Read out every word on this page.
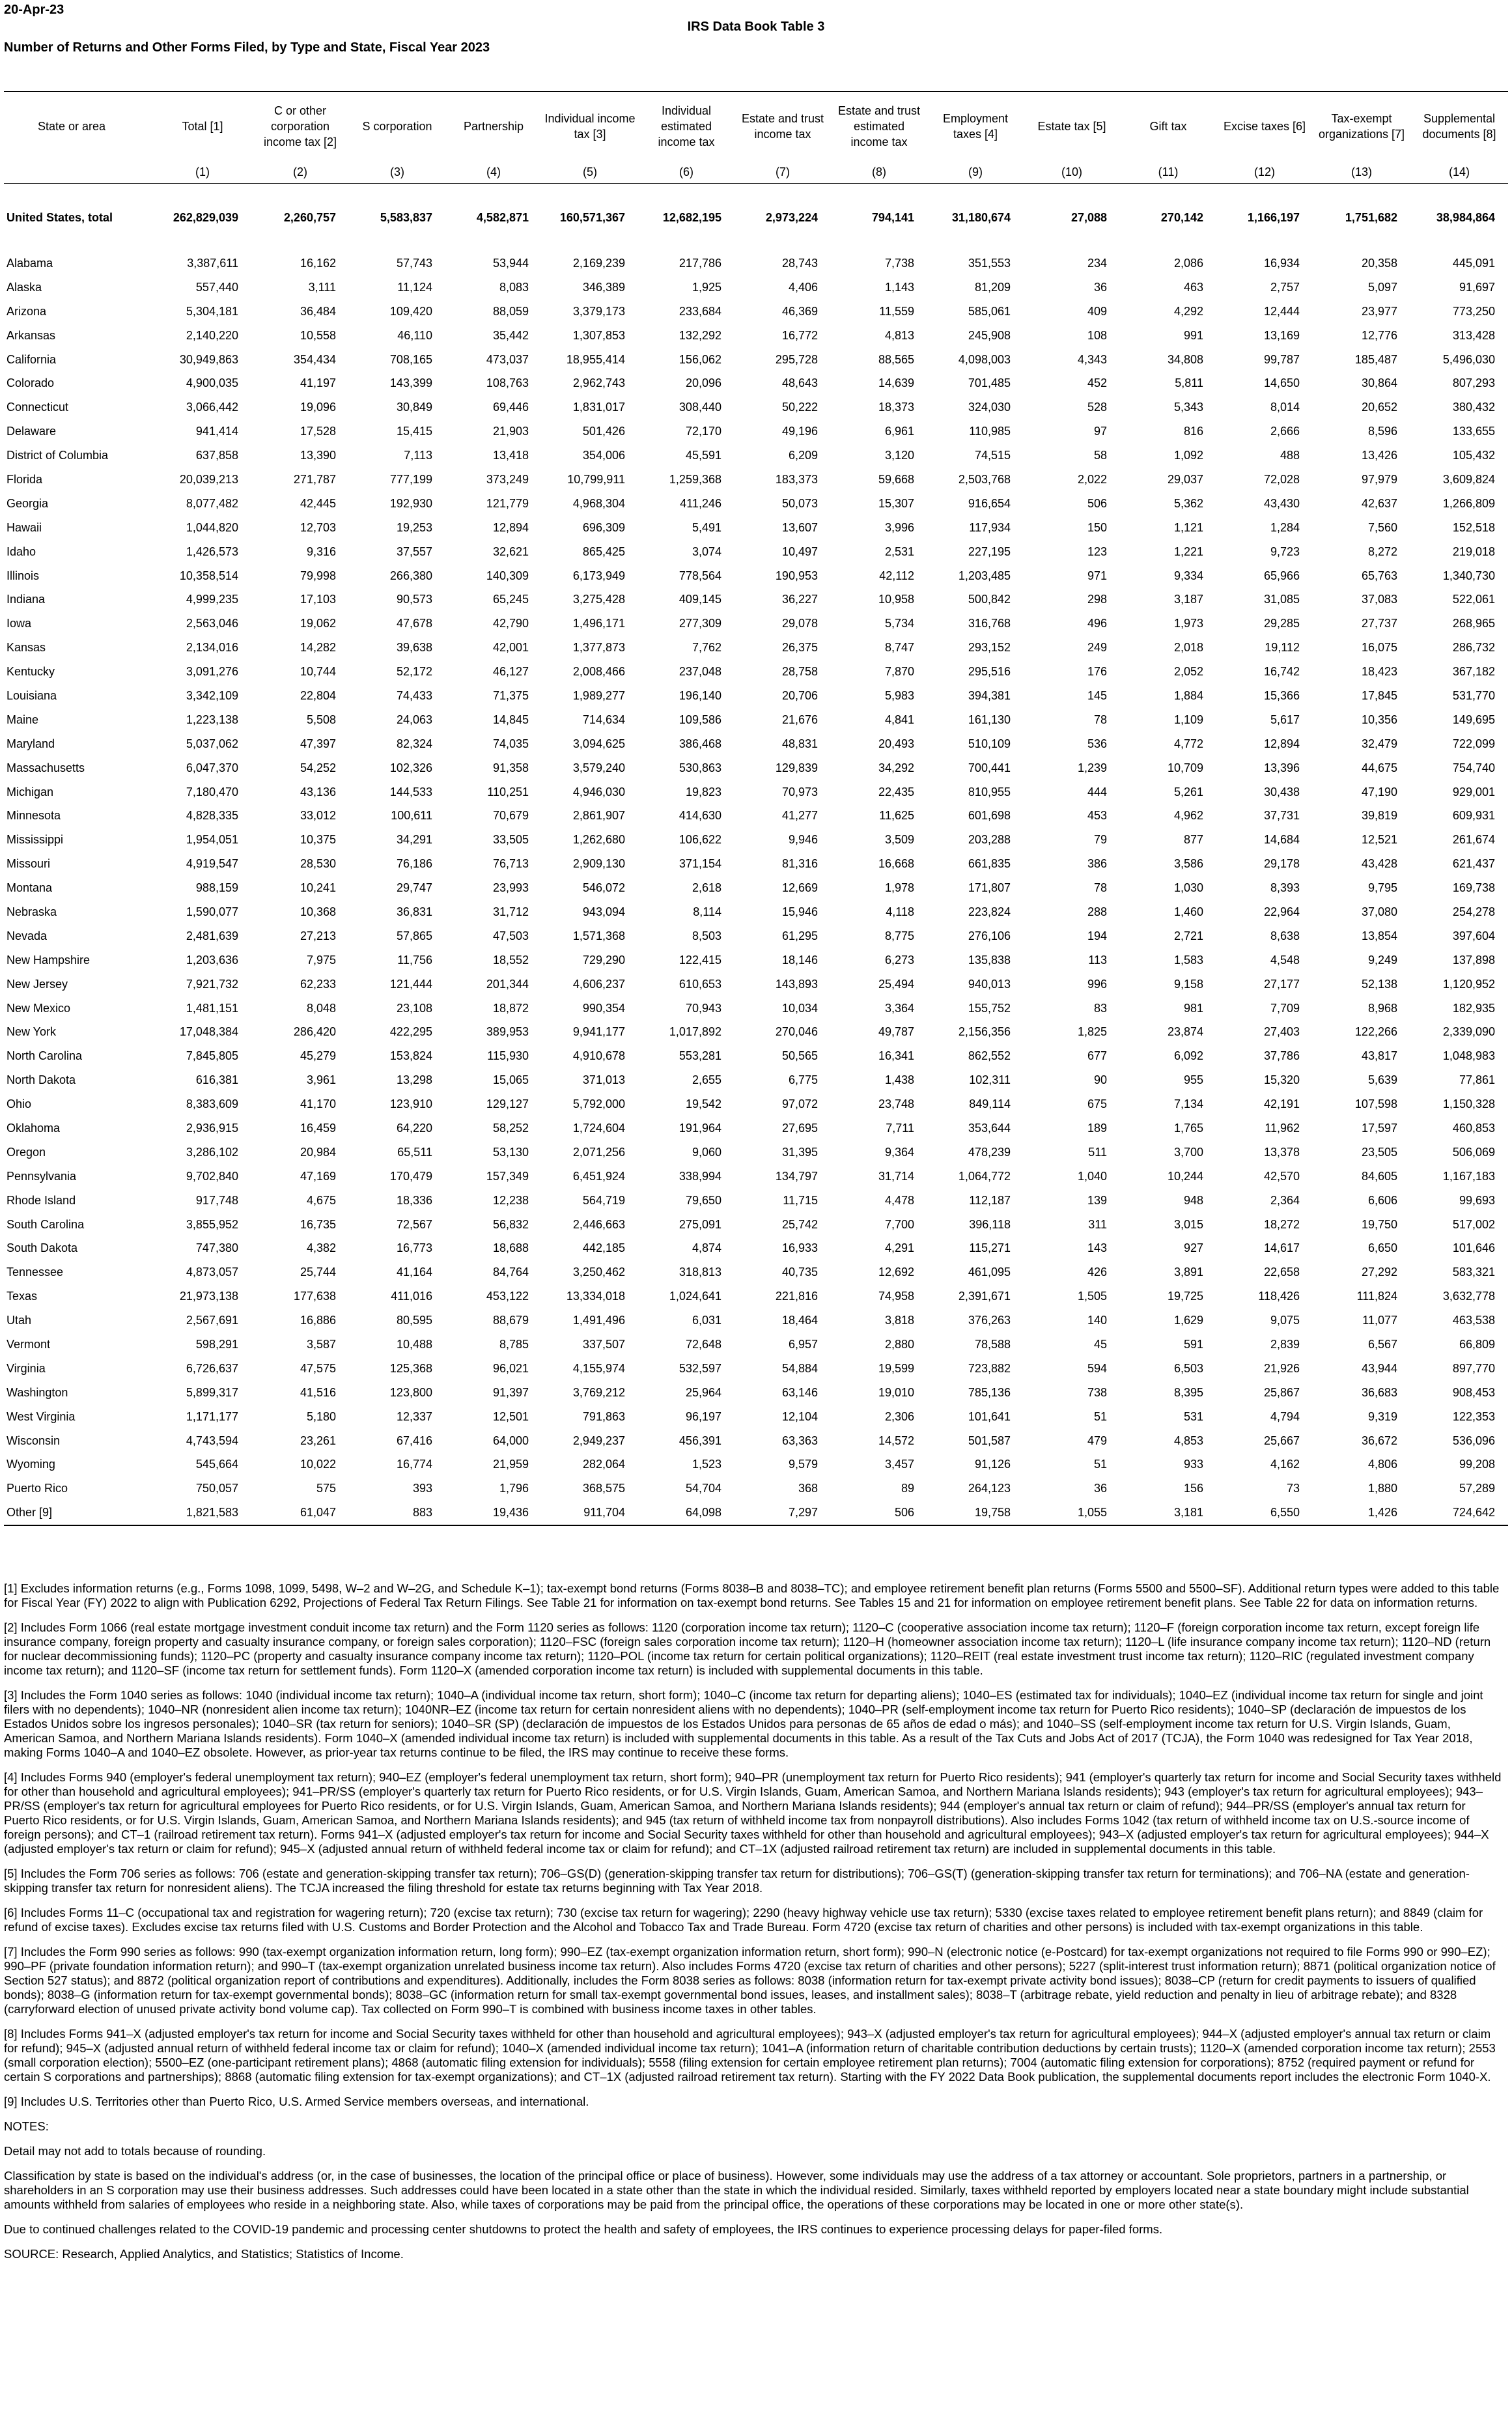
20-Apr-23
IRS Data Book Table 3
Number of Returns and Other Forms Filed, by Type and State, Fiscal Year 2023
State or area	Total [1]	C or other corporation income tax [2]	S corporation	Partnership	Individual income tax [3]	Individual estimated income tax	Estate and trust income tax	Estate and trust estimated income tax	Employment taxes [4]	Estate tax [5]	Gift tax	Excise taxes [6]	Tax-exempt organizations [7]	Supplemental documents [8]
	(1)	(2)	(3)	(4)	(5)	(6)	(7)	(8)	(9)	(10)	(11)	(12)	(13)	(14)

United States, total	262,829,039	2,260,757	5,583,837	4,582,871	160,571,367	12,682,195	2,973,224	794,141	31,180,674	27,088	270,142	1,166,197	1,751,682	38,984,864

Alabama	3,387,611	16,162	57,743	53,944	2,169,239	217,786	28,743	7,738	351,553	234	2,086	16,934	20,358	445,091
Alaska	557,440	3,111	11,124	8,083	346,389	1,925	4,406	1,143	81,209	36	463	2,757	5,097	91,697
Arizona	5,304,181	36,484	109,420	88,059	3,379,173	233,684	46,369	11,559	585,061	409	4,292	12,444	23,977	773,250
Arkansas	2,140,220	10,558	46,110	35,442	1,307,853	132,292	16,772	4,813	245,908	108	991	13,169	12,776	313,428
California	30,949,863	354,434	708,165	473,037	18,955,414	156,062	295,728	88,565	4,098,003	4,343	34,808	99,787	185,487	5,496,030
Colorado	4,900,035	41,197	143,399	108,763	2,962,743	20,096	48,643	14,639	701,485	452	5,811	14,650	30,864	807,293
Connecticut	3,066,442	19,096	30,849	69,446	1,831,017	308,440	50,222	18,373	324,030	528	5,343	8,014	20,652	380,432
Delaware	941,414	17,528	15,415	21,903	501,426	72,170	49,196	6,961	110,985	97	816	2,666	8,596	133,655
District of Columbia	637,858	13,390	7,113	13,418	354,006	45,591	6,209	3,120	74,515	58	1,092	488	13,426	105,432
Florida	20,039,213	271,787	777,199	373,249	10,799,911	1,259,368	183,373	59,668	2,503,768	2,022	29,037	72,028	97,979	3,609,824
Georgia	8,077,482	42,445	192,930	121,779	4,968,304	411,246	50,073	15,307	916,654	506	5,362	43,430	42,637	1,266,809
Hawaii	1,044,820	12,703	19,253	12,894	696,309	5,491	13,607	3,996	117,934	150	1,121	1,284	7,560	152,518
Idaho	1,426,573	9,316	37,557	32,621	865,425	3,074	10,497	2,531	227,195	123	1,221	9,723	8,272	219,018
Illinois	10,358,514	79,998	266,380	140,309	6,173,949	778,564	190,953	42,112	1,203,485	971	9,334	65,966	65,763	1,340,730
Indiana	4,999,235	17,103	90,573	65,245	3,275,428	409,145	36,227	10,958	500,842	298	3,187	31,085	37,083	522,061
Iowa	2,563,046	19,062	47,678	42,790	1,496,171	277,309	29,078	5,734	316,768	496	1,973	29,285	27,737	268,965
Kansas	2,134,016	14,282	39,638	42,001	1,377,873	7,762	26,375	8,747	293,152	249	2,018	19,112	16,075	286,732
Kentucky	3,091,276	10,744	52,172	46,127	2,008,466	237,048	28,758	7,870	295,516	176	2,052	16,742	18,423	367,182
Louisiana	3,342,109	22,804	74,433	71,375	1,989,277	196,140	20,706	5,983	394,381	145	1,884	15,366	17,845	531,770
Maine	1,223,138	5,508	24,063	14,845	714,634	109,586	21,676	4,841	161,130	78	1,109	5,617	10,356	149,695
Maryland	5,037,062	47,397	82,324	74,035	3,094,625	386,468	48,831	20,493	510,109	536	4,772	12,894	32,479	722,099
Massachusetts	6,047,370	54,252	102,326	91,358	3,579,240	530,863	129,839	34,292	700,441	1,239	10,709	13,396	44,675	754,740
Michigan	7,180,470	43,136	144,533	110,251	4,946,030	19,823	70,973	22,435	810,955	444	5,261	30,438	47,190	929,001
Minnesota	4,828,335	33,012	100,611	70,679	2,861,907	414,630	41,277	11,625	601,698	453	4,962	37,731	39,819	609,931
Mississippi	1,954,051	10,375	34,291	33,505	1,262,680	106,622	9,946	3,509	203,288	79	877	14,684	12,521	261,674
Missouri	4,919,547	28,530	76,186	76,713	2,909,130	371,154	81,316	16,668	661,835	386	3,586	29,178	43,428	621,437
Montana	988,159	10,241	29,747	23,993	546,072	2,618	12,669	1,978	171,807	78	1,030	8,393	9,795	169,738
Nebraska	1,590,077	10,368	36,831	31,712	943,094	8,114	15,946	4,118	223,824	288	1,460	22,964	37,080	254,278
Nevada	2,481,639	27,213	57,865	47,503	1,571,368	8,503	61,295	8,775	276,106	194	2,721	8,638	13,854	397,604
New Hampshire	1,203,636	7,975	11,756	18,552	729,290	122,415	18,146	6,273	135,838	113	1,583	4,548	9,249	137,898
New Jersey	7,921,732	62,233	121,444	201,344	4,606,237	610,653	143,893	25,494	940,013	996	9,158	27,177	52,138	1,120,952
New Mexico	1,481,151	8,048	23,108	18,872	990,354	70,943	10,034	3,364	155,752	83	981	7,709	8,968	182,935
New York	17,048,384	286,420	422,295	389,953	9,941,177	1,017,892	270,046	49,787	2,156,356	1,825	23,874	27,403	122,266	2,339,090
North Carolina	7,845,805	45,279	153,824	115,930	4,910,678	553,281	50,565	16,341	862,552	677	6,092	37,786	43,817	1,048,983
North Dakota	616,381	3,961	13,298	15,065	371,013	2,655	6,775	1,438	102,311	90	955	15,320	5,639	77,861
Ohio	8,383,609	41,170	123,910	129,127	5,792,000	19,542	97,072	23,748	849,114	675	7,134	42,191	107,598	1,150,328
Oklahoma	2,936,915	16,459	64,220	58,252	1,724,604	191,964	27,695	7,711	353,644	189	1,765	11,962	17,597	460,853
Oregon	3,286,102	20,984	65,511	53,130	2,071,256	9,060	31,395	9,364	478,239	511	3,700	13,378	23,505	506,069
Pennsylvania	9,702,840	47,169	170,479	157,349	6,451,924	338,994	134,797	31,714	1,064,772	1,040	10,244	42,570	84,605	1,167,183
Rhode Island	917,748	4,675	18,336	12,238	564,719	79,650	11,715	4,478	112,187	139	948	2,364	6,606	99,693
South Carolina	3,855,952	16,735	72,567	56,832	2,446,663	275,091	25,742	7,700	396,118	311	3,015	18,272	19,750	517,002
South Dakota	747,380	4,382	16,773	18,688	442,185	4,874	16,933	4,291	115,271	143	927	14,617	6,650	101,646
Tennessee	4,873,057	25,744	41,164	84,764	3,250,462	318,813	40,735	12,692	461,095	426	3,891	22,658	27,292	583,321
Texas	21,973,138	177,638	411,016	453,122	13,334,018	1,024,641	221,816	74,958	2,391,671	1,505	19,725	118,426	111,824	3,632,778
Utah	2,567,691	16,886	80,595	88,679	1,491,496	6,031	18,464	3,818	376,263	140	1,629	9,075	11,077	463,538
Vermont	598,291	3,587	10,488	8,785	337,507	72,648	6,957	2,880	78,588	45	591	2,839	6,567	66,809
Virginia	6,726,637	47,575	125,368	96,021	4,155,974	532,597	54,884	19,599	723,882	594	6,503	21,926	43,944	897,770
Washington	5,899,317	41,516	123,800	91,397	3,769,212	25,964	63,146	19,010	785,136	738	8,395	25,867	36,683	908,453
West Virginia	1,171,177	5,180	12,337	12,501	791,863	96,197	12,104	2,306	101,641	51	531	4,794	9,319	122,353
Wisconsin	4,743,594	23,261	67,416	64,000	2,949,237	456,391	63,363	14,572	501,587	479	4,853	25,667	36,672	536,096
Wyoming	545,664	10,022	16,774	21,959	282,064	1,523	9,579	3,457	91,126	51	933	4,162	4,806	99,208
Puerto Rico	750,057	575	393	1,796	368,575	54,704	368	89	264,123	36	156	73	1,880	57,289
Other [9]	1,821,583	61,047	883	19,436	911,704	64,098	7,297	506	19,758	1,055	3,181	6,550	1,426	724,642

[1] Excludes information returns (e.g., Forms 1098, 1099, 5498, W–2 and W–2G, and Schedule K–1); tax-exempt bond returns (Forms 8038–B and 8038–TC); and employee retirement benefit plan returns (Forms 5500 and 5500–SF). Additional return types were added to this table for Fiscal Year (FY) 2022 to align with Publication 6292, Projections of Federal Tax Return Filings. See Table 21 for information on tax-exempt bond returns. See Tables 15 and 21 for information on employee retirement benefit plans. See Table 22 for data on information returns.

[2] Includes Form 1066 (real estate mortgage investment conduit income tax return) and the Form 1120 series as follows: 1120 (corporation income tax return); 1120–C (cooperative association income tax return); 1120–F (foreign corporation income tax return, except foreign life insurance company, foreign property and casualty insurance company, or foreign sales corporation); 1120–FSC (foreign sales corporation income tax return); 1120–H (homeowner association income tax return); 1120–L (life insurance company income tax return); 1120–ND (return for nuclear decommissioning funds); 1120–PC (property and casualty insurance company income tax return); 1120–POL (income tax return for certain political organizations); 1120–REIT (real estate investment trust income tax return); 1120–RIC (regulated investment company income tax return); and 1120–SF (income tax return for settlement funds). Form 1120–X (amended corporation income tax return) is included with supplemental documents in this table.

[3] Includes the Form 1040 series as follows: 1040 (individual income tax return); 1040–A (individual income tax return, short form); 1040–C (income tax return for departing aliens); 1040–ES (estimated tax for individuals); 1040–EZ (individual income tax return for single and joint filers with no dependents); 1040–NR (nonresident alien income tax return); 1040NR–EZ (income tax return for certain nonresident aliens with no dependents); 1040–PR (self-employment income tax return for Puerto Rico residents); 1040–SP (declaración de impuestos de los Estados Unidos sobre los ingresos personales); 1040–SR (tax return for seniors); 1040–SR (SP) (declaración de impuestos de los Estados Unidos para personas de 65 años de edad o más); and 1040–SS (self-employment income tax return for U.S. Virgin Islands, Guam, American Samoa, and Northern Mariana Islands residents). Form 1040–X (amended individual income tax return) is included with supplemental documents in this table. As a result of the Tax Cuts and Jobs Act of 2017 (TCJA), the Form 1040 was redesigned for Tax Year 2018, making Forms 1040–A and 1040–EZ obsolete. However, as prior-year tax returns continue to be filed, the IRS may continue to receive these forms.

[4] Includes Forms 940 (employer's federal unemployment tax return); 940–EZ (employer's federal unemployment tax return, short form); 940–PR (unemployment tax return for Puerto Rico residents); 941 (employer's quarterly tax return for income and Social Security taxes withheld for other than household and agricultural employees); 941–PR/SS (employer's quarterly tax return for Puerto Rico residents, or for U.S. Virgin Islands, Guam, American Samoa, and Northern Mariana Islands residents); 943 (employer's tax return for agricultural employees); 943–PR/SS (employer's tax return for agricultural employees for Puerto Rico residents, or for U.S. Virgin Islands, Guam, American Samoa, and Northern Mariana Islands residents); 944 (employer's annual tax return or claim of refund); 944–PR/SS (employer's annual tax return for Puerto Rico residents, or for U.S. Virgin Islands, Guam, American Samoa, and Northern Mariana Islands residents); and 945 (tax return of withheld income tax from nonpayroll distributions). Also includes Forms 1042 (tax return of withheld income tax on U.S.-source income of foreign persons); and CT–1 (railroad retirement tax return). Forms 941–X (adjusted employer's tax return for income and Social Security taxes withheld for other than household and agricultural employees); 943–X (adjusted employer's tax return for agricultural employees); 944–X (adjusted employer's tax return or claim for refund); 945–X (adjusted annual return of withheld federal income tax or claim for refund); and CT–1X (adjusted railroad retirement tax return) are included in supplemental documents in this table.

[5] Includes the Form 706 series as follows: 706 (estate and generation-skipping transfer tax return); 706–GS(D) (generation-skipping transfer tax return for distributions); 706–GS(T) (generation-skipping transfer tax return for terminations); and 706–NA (estate and generation-skipping transfer tax return for nonresident aliens). The TCJA increased the filing threshold for estate tax returns beginning with Tax Year 2018.

[6] Includes Forms 11–C (occupational tax and registration for wagering return); 720 (excise tax return); 730 (excise tax return for wagering); 2290 (heavy highway vehicle use tax return); 5330 (excise taxes related to employee retirement benefit plans return); and 8849 (claim for refund of excise taxes). Excludes excise tax returns filed with U.S. Customs and Border Protection and the Alcohol and Tobacco Tax and Trade Bureau. Form 4720 (excise tax return of charities and other persons) is included with tax-exempt organizations in this table.

[7] Includes the Form 990 series as follows: 990 (tax-exempt organization information return, long form); 990–EZ (tax-exempt organization information return, short form); 990–N (electronic notice (e-Postcard) for tax-exempt organizations not required to file Forms 990 or 990–EZ); 990–PF (private foundation information return); and 990–T (tax-exempt organization unrelated business income tax return). Also includes Forms 4720 (excise tax return of charities and other persons); 5227 (split-interest trust information return); 8871 (political organization notice of Section 527 status); and 8872 (political organization report of contributions and expenditures). Additionally, includes the Form 8038 series as follows: 8038 (information return for tax-exempt private activity bond issues); 8038–CP (return for credit payments to issuers of qualified bonds); 8038–G (information return for tax-exempt governmental bonds); 8038–GC (information return for small tax-exempt governmental bond issues, leases, and installment sales); 8038–T (arbitrage rebate, yield reduction and penalty in lieu of arbitrage rebate); and 8328 (carryforward election of unused private activity bond volume cap). Tax collected on Form 990–T is combined with business income taxes in other tables.

[8] Includes Forms 941–X (adjusted employer's tax return for income and Social Security taxes withheld for other than household and agricultural employees); 943–X (adjusted employer's tax return for agricultural employees); 944–X (adjusted employer's annual tax return or claim for refund); 945–X (adjusted annual return of withheld federal income tax or claim for refund); 1040–X (amended individual income tax return); 1041–A (information return of charitable contribution deductions by certain trusts); 1120–X (amended corporation income tax return); 2553 (small corporation election); 5500–EZ (one-participant retirement plans); 4868 (automatic filing extension for individuals); 5558 (filing extension for certain employee retirement plan returns); 7004 (automatic filing extension for corporations); 8752 (required payment or refund for certain S corporations and partnerships); 8868 (automatic filing extension for tax-exempt organizations); and CT–1X (adjusted railroad retirement tax return). Starting with the FY 2022 Data Book publication, the supplemental documents report includes the electronic Form 1040-X.

[9] Includes U.S. Territories other than Puerto Rico, U.S. Armed Service members overseas, and international.

NOTES:

Detail may not add to totals because of rounding.

Classification by state is based on the individual's address (or, in the case of businesses, the location of the principal office or place of business). However, some individuals may use the address of a tax attorney or accountant. Sole proprietors, partners in a partnership, or shareholders in an S corporation may use their business addresses. Such addresses could have been located in a state other than the state in which the individual resided. Similarly, taxes withheld reported by employers located near a state boundary might include substantial amounts withheld from salaries of employees who reside in a neighboring state. Also, while taxes of corporations may be paid from the principal office, the operations of these corporations may be located in one or more other state(s).

Due to continued challenges related to the COVID-19 pandemic and processing center shutdowns to protect the health and safety of employees, the IRS continues to experience processing delays for paper-filed forms.

SOURCE: Research, Applied Analytics, and Statistics; Statistics of Income.
